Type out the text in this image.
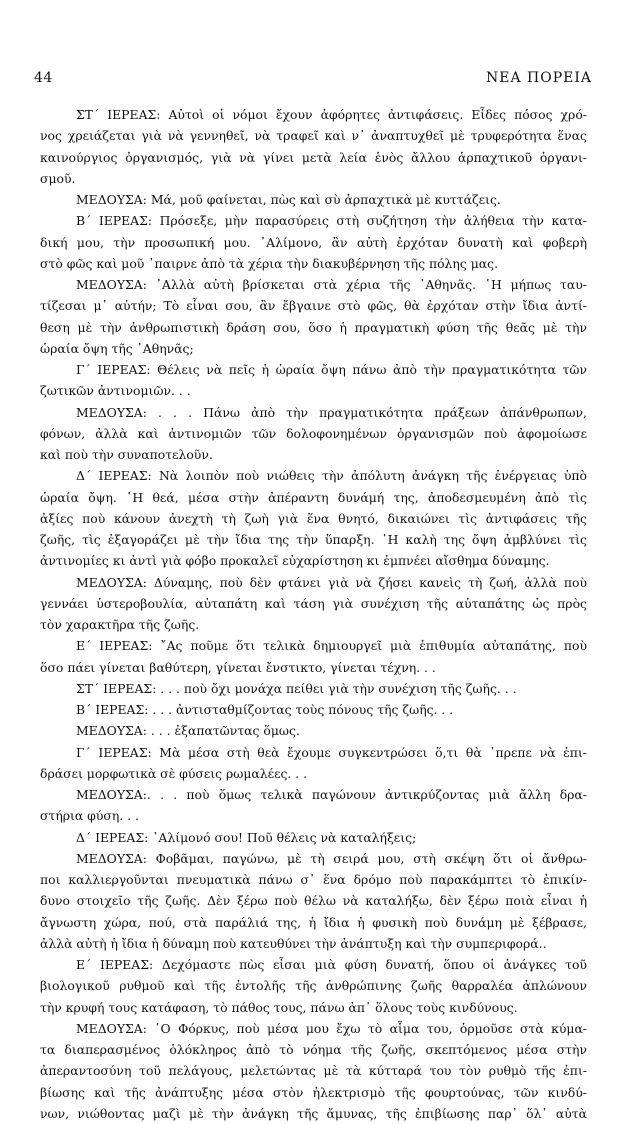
44	ΝΕΑ ΠΟΡΕΙΑ
ΣΤ΄ ΙΕΡΕΑΣ: Αὐτοὶ οἱ νόμοι ἔχουν ἀφόρητες ἀντιφάσεις. Εἶδες πόσος χρό-
νος χρειάζεται γιὰ νὰ γεννηθεῖ, νὰ τραφεῖ καὶ ν᾿ ἀναπτυχθεῖ μὲ τρυφερότητα ἕνας
καινούργιος ὀργανισμός, γιὰ νὰ γίνει μετὰ λεία ἑνὸς ἄλλου ἁρπαχτικοῦ ὀργανι-
σμοῦ.
ΜΕΔΟΥΣΑ: Μά, μοῦ φαίνεται, πὼς καὶ σὺ ἁρπαχτικὰ μὲ κυττάζεις.
Β΄ ΙΕΡΕΑΣ: Πρόσεξε, μὴν παρασύρεις στὴ συζήτηση τὴν ἀλήθεια τὴν κατα-
δική μου, τὴν προσωπική μου. ᾿Αλίμονο, ἂν αὐτὴ ἐρχόταν δυνατὴ καὶ φοβερὴ
στὸ φῶς καὶ μοῦ ᾿παιρνε ἀπὸ τὰ χέρια τὴν διακυβέρνηση τῆς πόλης μας.
ΜΕΔΟΥΣΑ: ᾿Αλλὰ αὐτὴ βρίσκεται στὰ χέρια τῆς ᾿Αθηνᾶς. ῾Η μήπως ταυ-
τίζεσαι μ᾿ αὐτήν; Τὸ εἶναι σου, ἂν ἔβγαινε στὸ φῶς, θὰ ἐρχόταν στὴν ἴδια ἀντί-
θεση μὲ τὴν ἀνθρωπιστικὴ δράση σου, ὅσο ἡ πραγματικὴ φύση τῆς θεᾶς μὲ τὴν
ὡραία ὄψη τῆς ᾿Αθηνᾶς;
Γ΄ ΙΕΡΕΑΣ: Θέλεις νὰ πεῖς ἡ ὡραία ὄψη πάνω ἀπὸ τὴν πραγματικότητα τῶν
ζωτικῶν ἀντινομιῶν. . .
ΜΕΔΟΥΣΑ: . . . Πάνω ἀπὸ τὴν πραγματικότητα πράξεων ἀπάνθρωπων,
φόνων, ἀλλὰ καὶ ἀντινομιῶν τῶν δολοφονημένων ὀργανισμῶν ποὺ ἀφομοίωσε
καὶ ποὺ τὴν συναποτελοῦν.
Δ΄ ΙΕΡΕΑΣ: Νὰ λοιπὸν ποὺ νιώθεις τὴν ἀπόλυτη ἀνάγκη τῆς ἐνέργειας ὑπὸ
ὡραία ὄψη. ῾Η θεά, μέσα στὴν ἀπέραντη δυνάμή της, ἀποδεσμευμένη ἀπὸ τὶς
ἀξίες ποὺ κάνουν ἀνεχτὴ τὴ ζωὴ γιὰ ἕνα θνητό, δικαιώνει τὶς ἀντιφάσεις τῆς
ζωῆς, τὶς ἐξαγοράζει μὲ τὴν ἴδια της τὴν ὕπαρξη. ῾Η καλὴ της ὄψη ἀμβλύνει τὶς
ἀντινομίες κι ἀντὶ γιὰ φόβο προκαλεῖ εὐχαρίστηση κι ἐμπνέει αἴσθημα δύναμης.
ΜΕΔΟΥΣΑ: Δύναμης, ποὺ δὲν φτάνει γιὰ νὰ ζήσει κανεὶς τὴ ζωή, ἀλλὰ ποὺ
γεννάει ὑστεροβουλία, αὐταπάτη καὶ τάση γιὰ συνέχιση τῆς αὐταπάτης ὡς πρὸς
τὸν χαρακτῆρα τῆς ζωῆς.
Ε΄ ΙΕΡΕΑΣ: ῎Ας ποῦμε ὅτι τελικὰ δημιουργεῖ μιὰ ἐπιθυμία αὐταπάτης, ποὺ
ὅσο πάει γίνεται βαθύτερη, γίνεται ἔνστικτο, γίνεται τέχνη. . .
ΣΤ΄ ΙΕΡΕΑΣ: . . . ποὺ ὄχι μονάχα πείθει γιὰ τὴν συνέχιση τῆς ζωῆς. . .
Β΄ ΙΕΡΕΑΣ: . . . ἀντισταθμίζοντας τοὺς πόνους τῆς ζωῆς. . .
ΜΕΔΟΥΣΑ: . . . ἐξαπατῶντας ὅμως.
Γ΄ ΙΕΡΕΑΣ: Μὰ μέσα στὴ θεὰ ἔχουμε συγκεντρώσει ὅ,τι θὰ ᾿πρεπε νὰ ἐπι-
δράσει μορφωτικὰ σὲ φύσεις ρωμαλέες. . .
ΜΕΔΟΥΣΑ:. . . ποὺ ὅμως τελικὰ παγώνουν ἀντικρύζοντας μιὰ ἄλλη δρα-
στήρια φύση. . .
Δ΄ ΙΕΡΕΑΣ: ᾿Αλίμονό σου! Ποῦ θέλεις νὰ καταλήξεις;
ΜΕΔΟΥΣΑ: Φοβᾶμαι, παγώνω, μὲ τὴ σειρά μου, στὴ σκέψη ὅτι οἱ ἄνθρω-
ποι καλλιεργοῦνται πνευματικὰ πάνω σ᾿ ἕνα δρόμο ποὺ παρακάμπτει τὸ ἐπικίν-
δυνο στοιχεῖο τῆς ζωῆς. Δὲν ξέρω ποὺ θέλω νὰ καταλήξω, δὲν ξέρω ποιὰ εἶναι ἡ
ἄγνωστη χώρα, πού, στὰ παράλιά της, ἡ ἴδια ἡ φυσικὴ ποὺ δυνάμη μὲ ξέβρασε,
ἀλλὰ αὐτὴ ἡ ἴδια ἡ δύναμη ποὺ κατευθύνει τὴν ἀνάπτυξη καὶ τὴν συμπεριφορά..
Ε΄ ΙΕΡΕΑΣ: Δεχόμαστε πὼς εἶσαι μιὰ φύση δυνατή, ὅπου οἱ ἀνάγκες τοῦ
βιολογικοῦ ρυθμοῦ καὶ τῆς ἐντολῆς τῆς ἀνθρώπινης ζωῆς θαρραλέα ἁπλώνουν
τὴν κρυφή τους κατάφαση, τὸ πάθος τους, πάνω ἀπ᾿ ὅλους τοὺς κινδύνους.
ΜΕΔΟΥΣΑ: ῾Ο Φόρκυς, ποὺ μέσα μου ἔχω τὸ αἷμα του, ὁρμοῦσε στὰ κύμα-
τα διαπερασμένος ὁλόκληρος ἀπὸ τὸ νόημα τῆς ζωῆς, σκεπτόμενος μέσα στὴν
ἀπεραντοσύνη τοῦ πελάγους, μελετώντας μὲ τὰ κύτταρά του τὸν ρυθμὸ τῆς ἐπι-
βίωσης καὶ τῆς ἀνάπτυξης μέσα στὸν ἠλεκτρισμὸ τῆς φουρτούνας, τῶν κινδύ-
νων, νιώθοντας μαζὶ μὲ τὴν ἀνάγκη τῆς ἄμυνας, τῆς ἐπιβίωσης παρ᾿ ὅλ᾿ αὐτὰ
